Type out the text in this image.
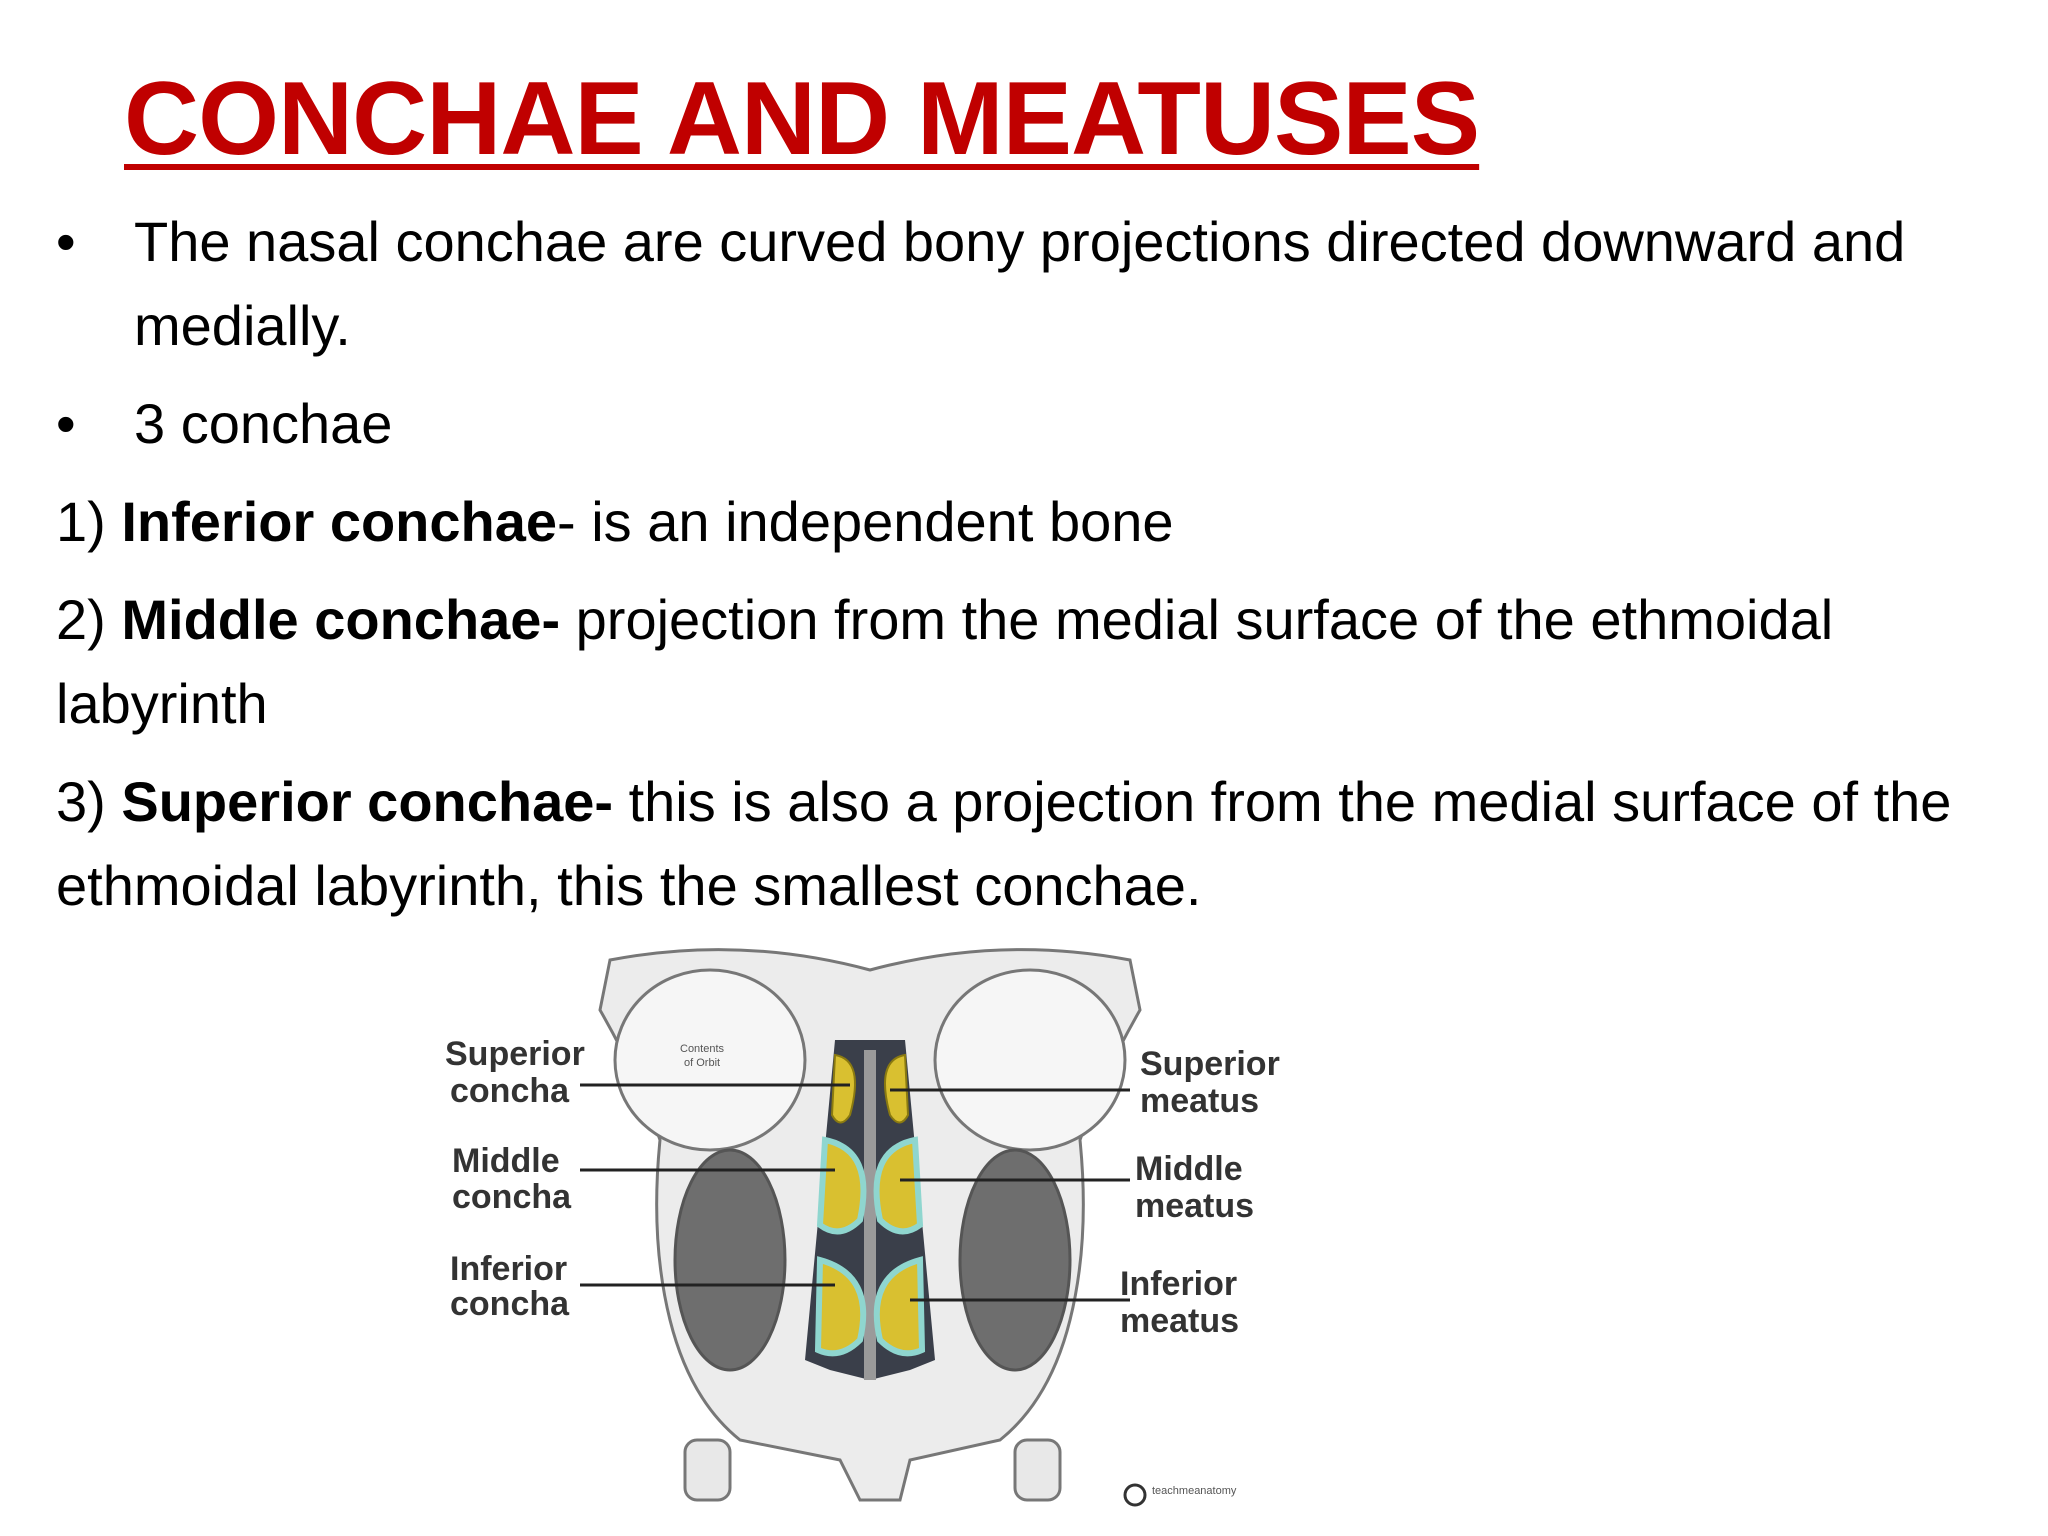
CONCHAE AND MEATUSES

• The nasal conchae are curved bony projections directed downward and medially.

• 3 conchae

1) Inferior conchae- is an independent bone

2) Middle conchae- projection from the medial surface of the ethmoidal labyrinth

3) Superior conchae- this is also a projection from the medial surface of the ethmoidal labyrinth, this the smallest conchae.

Contents
of Orbit
Superior
concha
Middle
concha
Inferior
concha
Superior
meatus
Middle
meatus
Inferior
meatus
teachmeanatomy
